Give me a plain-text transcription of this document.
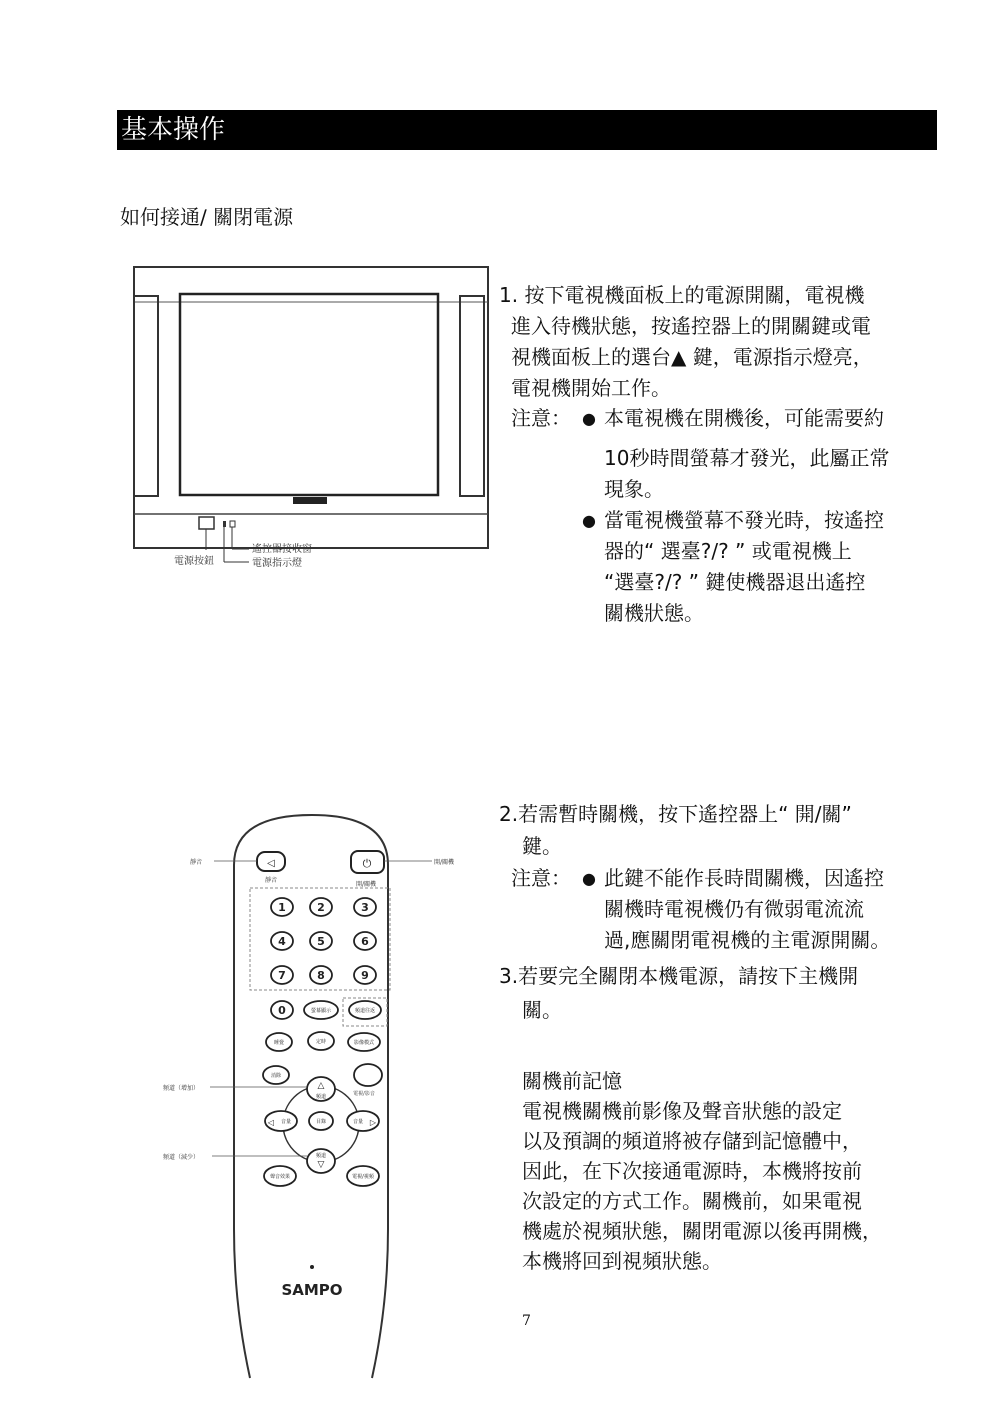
基本操作
如何接通∕ 關閉電源
電源按鈕
遙控器接收窗
電源指示燈
1. 按下電視機面板上的電源開關，電視機
進入待機狀態，按遙控器上的開關鍵或電
視機面板上的選台▲ 鍵，電源指示燈亮，
電視機開始工作。
注意： ● 本電視機在開機後，可能需要約
10秒時間螢幕才發光，此屬正常
現象。
● 當電視機螢幕不發光時，按遙控
器的“ 選臺?/? ” 或電視機上
“選臺?/? ” 鍵使機器退出遙控
關機狀態。
◁
靜音
⏻
開/關機
1	2	3
4	5	6
7	8	9
0	螢幕顯示	頻道往返
睡覺	定時	影像模式
消除
△
頻道
頻道
▽
◁ 音量	音量 ▷
目錄
電視/影音
聲音效果	電視/視頻
SAMPO
靜音	開/關機
頻道（增加）
頻道（減少）
2.若需暫時關機，按下遙控器上“ 開/關”
鍵。
注意： ● 此鍵不能作長時間關機，因遙控
關機時電視機仍有微弱電流流
過,應關閉電視機的主電源開關。
3.若要完全關閉本機電源，請按下主機開
關。
關機前記憶
電視機關機前影像及聲音狀態的設定
以及預調的頻道將被存儲到記憶體中，
因此，在下次接通電源時，本機將按前
次設定的方式工作。關機前，如果電視
機處於視頻狀態，關閉電源以後再開機，
本機將回到視頻狀態。
7
